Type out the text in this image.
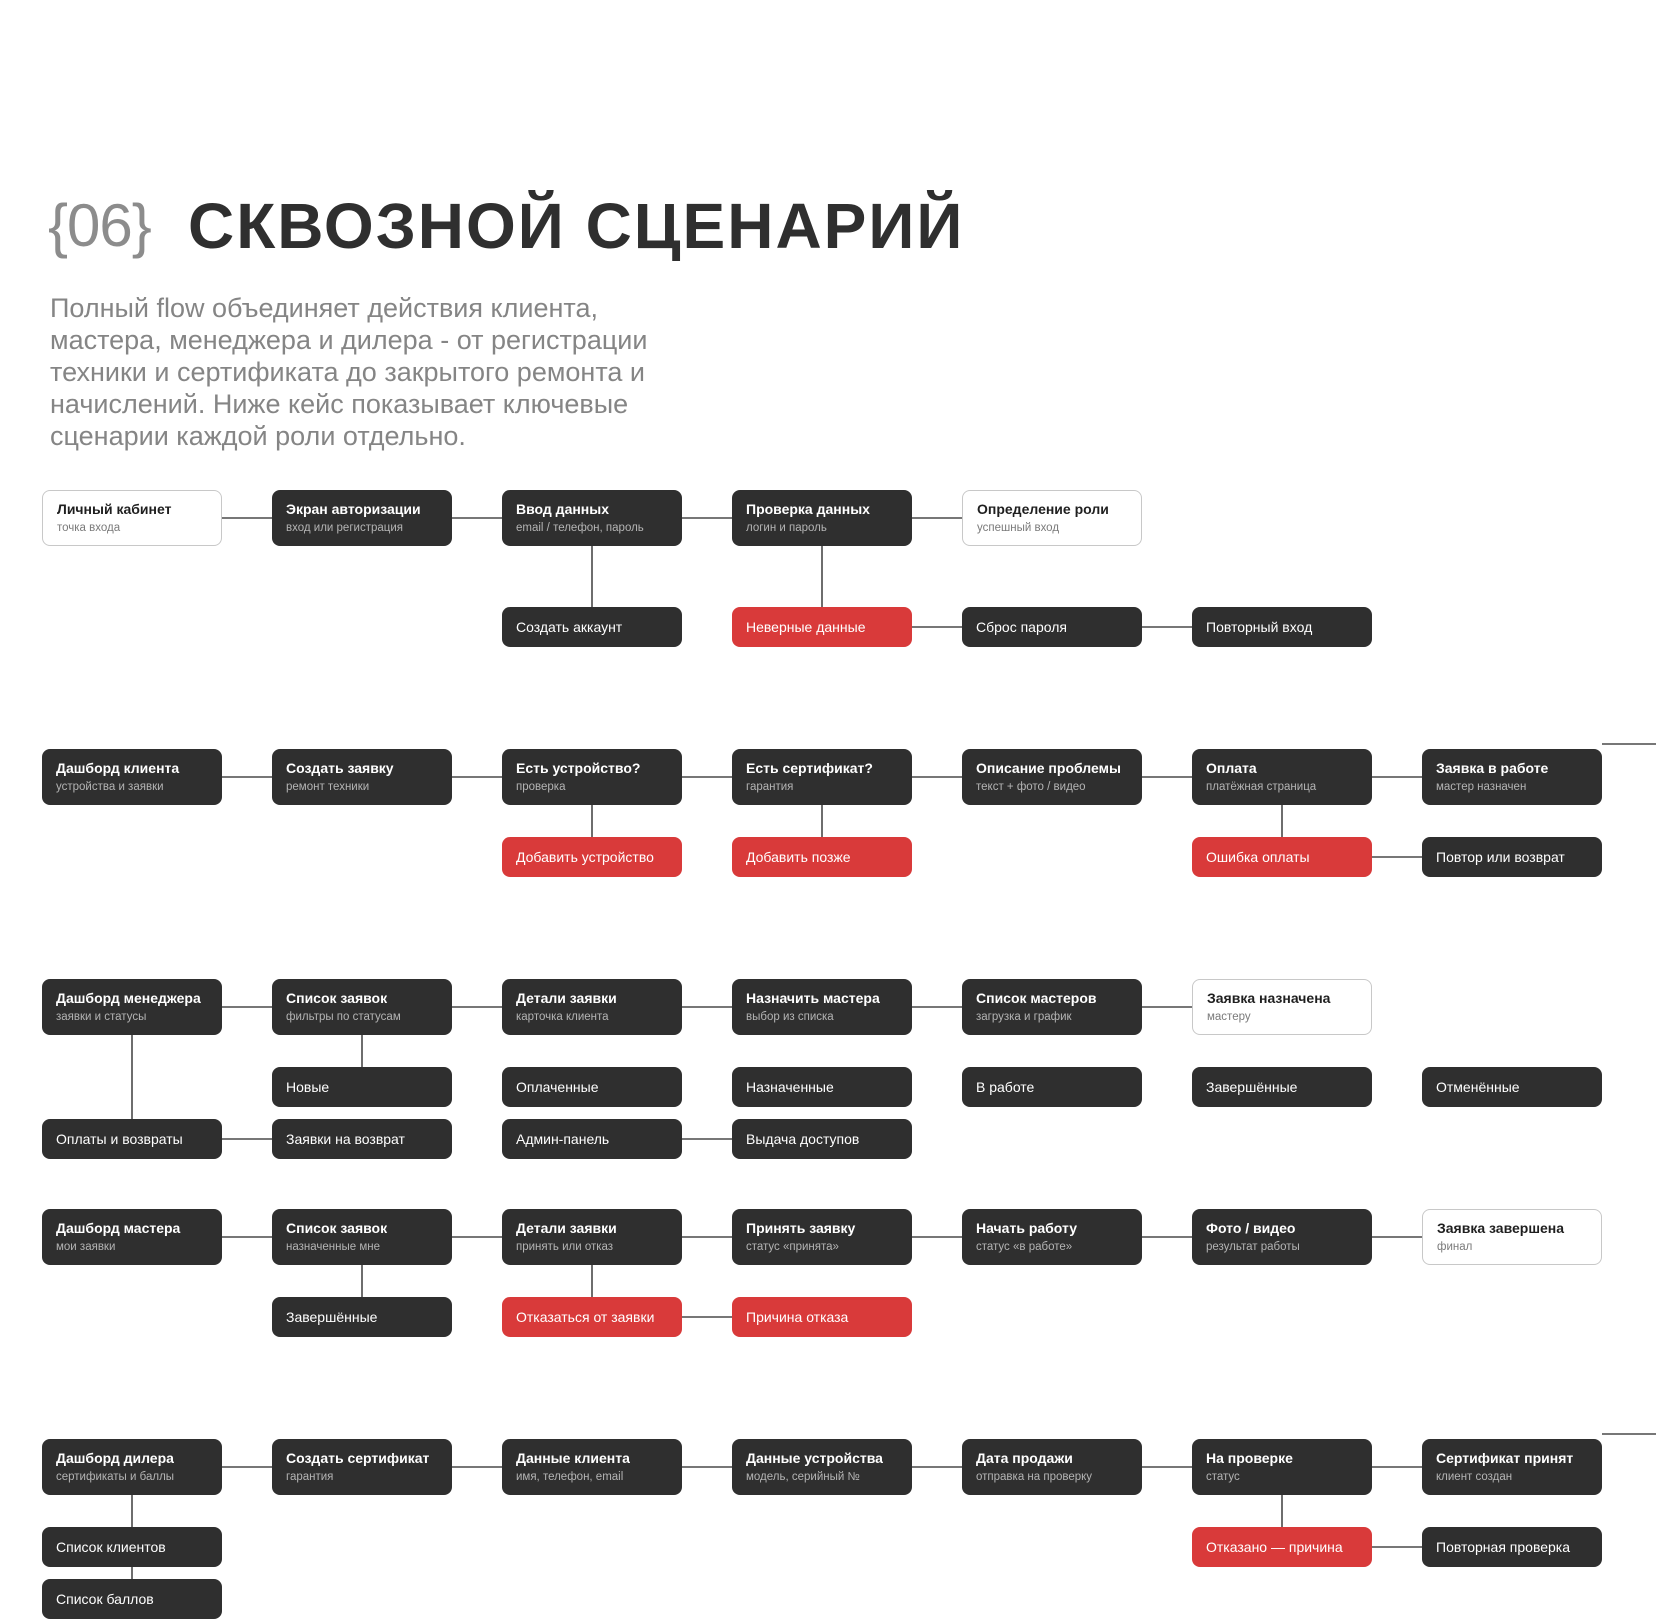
{06} СКВОЗНОЙ СЦЕНАРИЙ

Полный flow объединяет действия клиента, мастера, менеджера и дилера - от регистрации техники и сертификата до закрытого ремонта и начислений. Ниже кейс показывает ключевые сценарии каждой роли отдельно.

Личный кабинет
точка входа
Экран авторизации
вход или регистрация
Ввод данных
email / телефон, пароль
Проверка данных
логин и пароль
Определение роли
успешный вход
Создать аккаунт	Неверные данные	Сброс пароля	Повторный вход
Дашборд клиента
устройства и заявки
Создать заявку
ремонт техники
Есть устройство?
проверка
Есть сертификат?
гарантия
Описание проблемы
текст + фото / видео
Оплата
платёжная страница
Заявка в работе
мастер назначен
Добавить устройство	Добавить позже	Ошибка оплаты	Повтор или возврат
Дашборд менеджера
заявки и статусы
Список заявок
фильтры по статусам
Детали заявки
карточка клиента
Назначить мастера
выбор из списка
Список мастеров
загрузка и график
Заявка назначена
мастеру
Новые	Оплаченные	Назначенные	В работе	Завершённые	Отменённые
Оплаты и возвраты	Заявки на возврат	Админ-панель	Выдача доступов
Дашборд мастера
мои заявки
Список заявок
назначенные мне
Детали заявки
принять или отказ
Принять заявку
статус «принята»
Начать работу
статус «в работе»
Фото / видео
результат работы
Заявка завершена
финал
Завершённые	Отказаться от заявки	Причина отказа
Дашборд дилера
сертификаты и баллы
Создать сертификат
гарантия
Данные клиента
имя, телефон, email
Данные устройства
модель, серийный №
Дата продажи
отправка на проверку
На проверке
статус
Сертификат принят
клиент создан
Список клиентов
Список баллов
Отказано — причина	Повторная проверка
